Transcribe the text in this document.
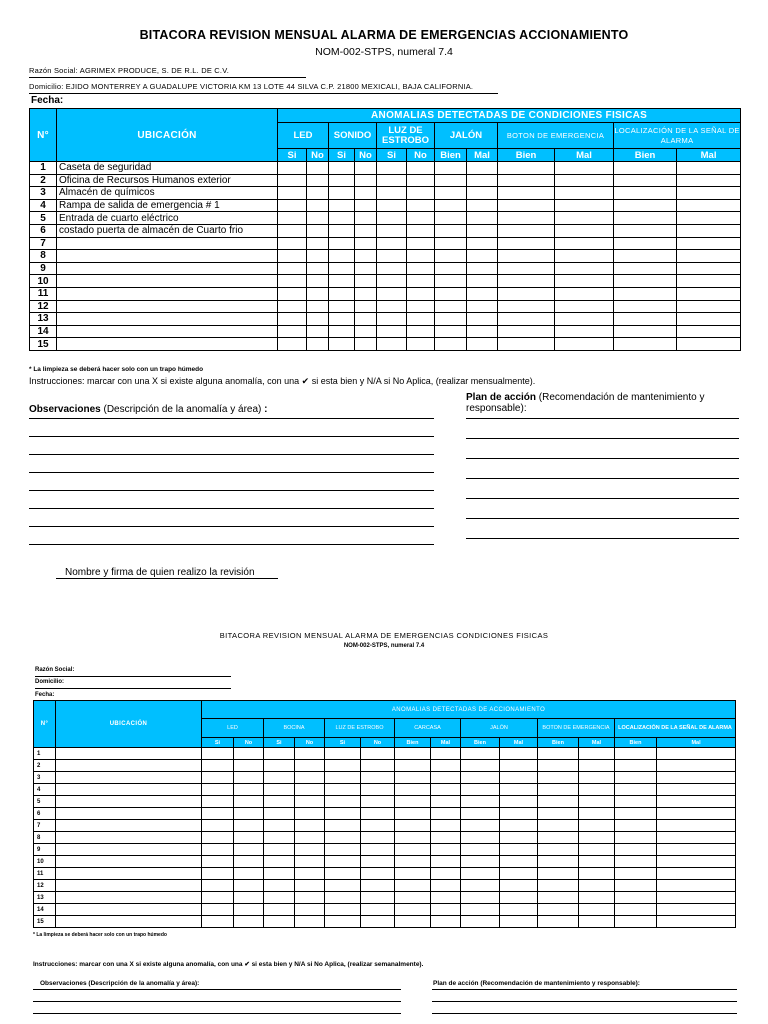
BITACORA REVISION MENSUAL ALARMA DE EMERGENCIAS ACCIONAMIENTO
NOM-002-STPS, numeral 7.4
Razón Social: AGRIMEX PRODUCE, S. DE R.L. DE C.V.
Domicilio: EJIDO MONTERREY A GUADALUPE VICTORIA KM 13 LOTE 44 SILVA C.P. 21800 MEXICALI, BAJA CALIFORNIA.
Fecha:
N°	UBICACIÓN	ANOMALIAS DETECTADAS DE CONDICIONES FISICAS											
		LED		SONIDO		LUZ DE ESTROBO		JALÓN		BOTON DE EMERGENCIA		LOCALIZACIÓN DE LA SEÑAL DE ALARMA	
		Si	No	Si	No	Si	No	Bien	Mal	Bien	Mal	Bien	Mal
1	Caseta de seguridad												
2	Oficina de Recursos Humanos exterior												
3	Almacén de químicos												
4	Rampa de salida de emergencia # 1												
5	Entrada de cuarto eléctrico												
6	costado puerta de almacén de Cuarto frio												
7													
8													
9													
10													
11													
12													
13													
14													
15													
* La limpieza se deberá hacer solo con un trapo húmedo
Instrucciones: marcar con una X si existe alguna anomalía, con una ✔ si esta bien y N/A si No Aplica, (realizar mensualmente).
Observaciones (Descripción de la anomalía y área) :
Plan de acción (Recomendación de mantenimiento y responsable):
Nombre y firma de quien realizo la revisión
BITACORA REVISION MENSUAL ALARMA DE EMERGENCIAS CONDICIONES FISICAS
NOM-002-STPS, numeral 7.4
Razón Social:
Domicilio:
Fecha:
N°	UBICACIÓN	ANOMALIAS DETECTADAS DE ACCIONAMIENTO													
		LED		BOCINA		LUZ DE ESTROBO		CARCASA		JALÓN		BOTON DE EMERGENCIA		LOCALIZACIÓN DE LA SEÑAL DE ALARMA	
		Si	No	Si	No	Si	No	Bien	Mal	Bien	Mal	Bien	Mal	Bien	Mal
1															
2															
3															
4															
5															
6															
7															
8															
9															
10															
11															
12															
13															
14															
15															
* La limpieza se deberá hacer solo con un trapo húmedo
Instrucciones: marcar con una X si existe alguna anomalía, con una ✔ si esta bien y N/A si No Aplica, (realizar semanalmente).
Observaciones (Descripción de la anomalía y área):	Plan de acción (Recomendación de mantenimiento y responsable):
